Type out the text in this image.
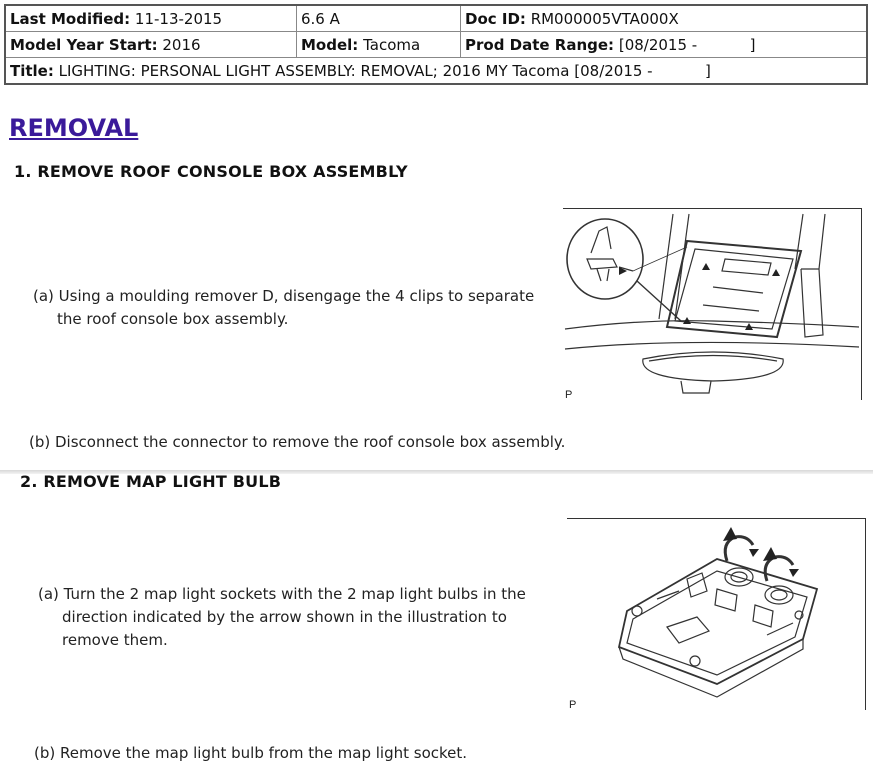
Last Modified: 11-13-2015	6.6 A	Doc ID: RM000005VTA000X
Model Year Start: 2016	Model: Tacoma	Prod Date Range: [08/2015 -           ]
Title: LIGHTING: PERSONAL LIGHT ASSEMBLY: REMOVAL; 2016 MY Tacoma [08/2015 -           ]		
REMOVAL
1. REMOVE ROOF CONSOLE BOX ASSEMBLY

(a) Using a moulding remover D, disengage the 4 clips to separate
the roof console box assembly.

(b) Disconnect the connector to remove the roof console box assembly.

P
2. REMOVE MAP LIGHT BULB

(a) Turn the 2 map light sockets with the 2 map light bulbs in the
direction indicated by the arrow shown in the illustration to
remove them.

(b) Remove the map light bulb from the map light socket.

P
